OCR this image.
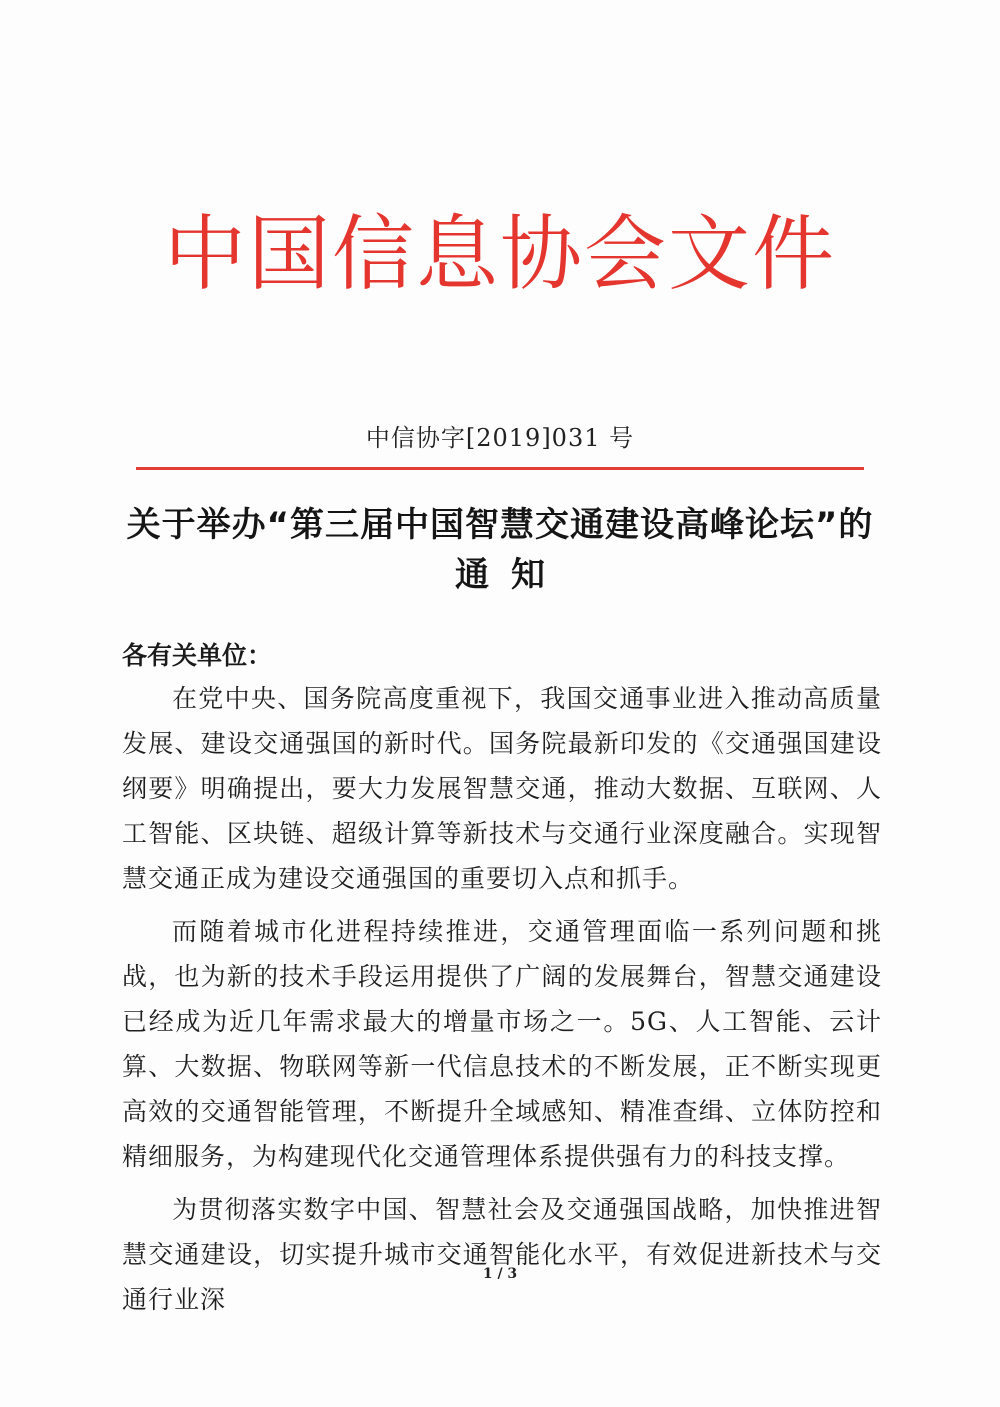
中国信息协会文件
中信协字[2019]031 号
关于举办“第三届中国智慧交通建设高峰论坛”的
通知
各有关单位：

在党中央、国务院高度重视下，我国交通事业进入推动高质量发展、建设交通强国的新时代。国务院最新印发的《交通强国建设纲要》明确提出，要大力发展智慧交通，推动大数据、互联网、人工智能、区块链、超级计算等新技术与交通行业深度融合。实现智慧交通正成为建设交通强国的重要切入点和抓手。

而随着城市化进程持续推进，交通管理面临一系列问题和挑战，也为新的技术手段运用提供了广阔的发展舞台，智慧交通建设已经成为近几年需求最大的增量市场之一。5G、人工智能、云计算、大数据、物联网等新一代信息技术的不断发展，正不断实现更高效的交通智能管理，不断提升全域感知、精准查缉、立体防控和精细服务，为构建现代化交通管理体系提供强有力的科技支撑。

为贯彻落实数字中国、智慧社会及交通强国战略，加快推进智慧交通建设，切实提升城市交通智能化水平，有效促进新技术与交通行业深

1 / 3
